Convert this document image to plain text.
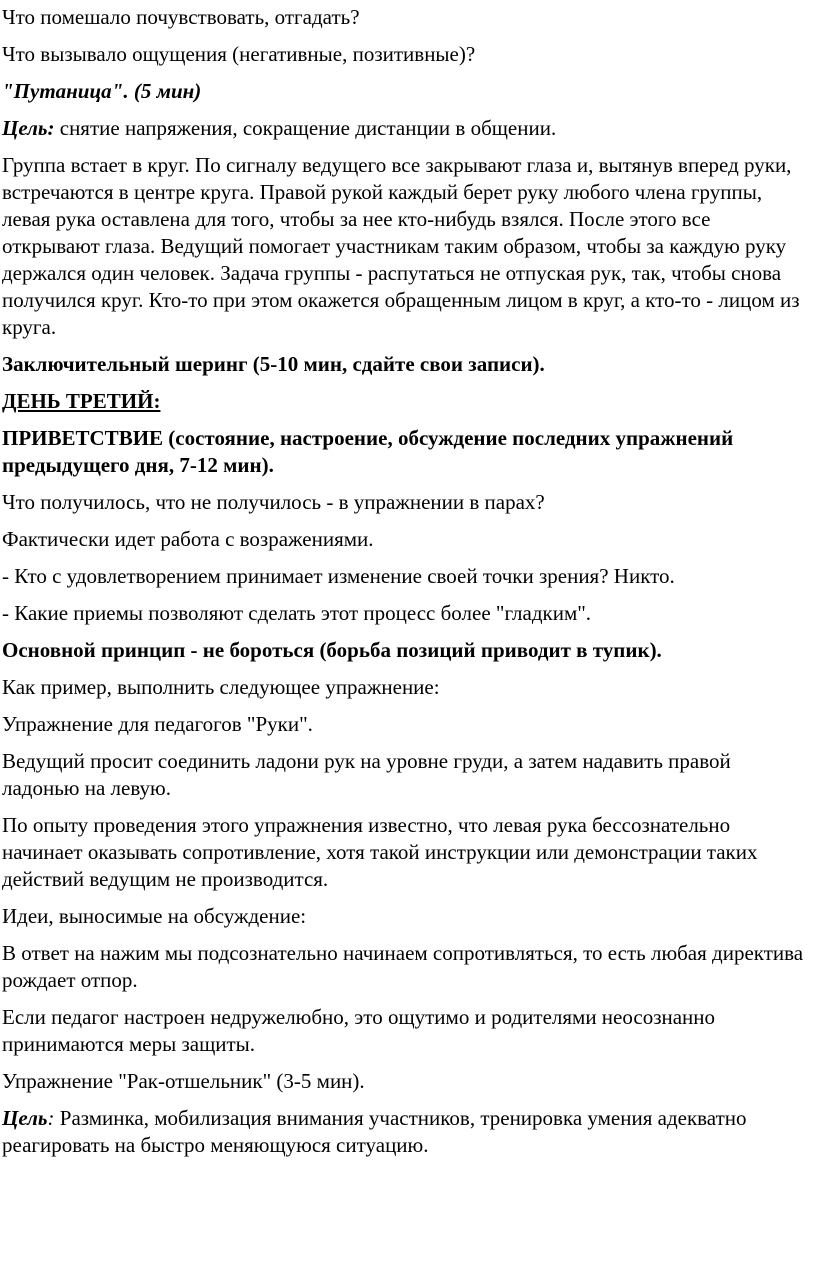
Что помешало почувствовать, отгадать?

Что вызывало ощущения (негативные, позитивные)?

"Путаница". (5 мин)

Цель: снятие напряжения, сокращение дистанции в общении.

Группа встает в круг. По сигналу ведущего все закрывают глаза и, вытянув вперед руки, встречаются в центре круга. Правой рукой каждый берет руку любого члена группы, левая рука оставлена для того, чтобы за нее кто-нибудь взялся. После этого все открывают глаза. Ведущий помогает участникам таким образом, чтобы за каждую руку держался один человек. Задача группы - распутаться не отпуская рук, так, чтобы снова получился круг. Кто-то при этом окажется обращенным лицом в круг, а кто-то - лицом из круга.

Заключительный шеринг (5-10 мин, сдайте свои записи).

ДЕНЬ ТРЕТИЙ:

ПРИВЕТСТВИЕ (состояние, настроение, обсуждение последних упражнений предыдущего дня, 7-12 мин).

Что получилось, что не получилось - в упражнении в парах?

Фактически идет работа с возражениями.

- Кто с удовлетворением принимает изменение своей точки зрения? Никто.

- Какие приемы позволяют сделать этот процесс более "гладким".

Основной принцип - не бороться (борьба позиций приводит в тупик).

Как пример, выполнить следующее упражнение:

Упражнение для педагогов "Руки".

Ведущий просит соединить ладони рук на уровне груди, а затем надавить правой ладонью на левую.

По опыту проведения этого упражнения известно, что левая рука бессознательно начинает оказывать сопротивление, хотя такой инструкции или демонстрации таких действий ведущим не производится.

Идеи, выносимые на обсуждение:

В ответ на нажим мы подсознательно начинаем сопротивляться, то есть любая директива рождает отпор.

Если педагог настроен недружелюбно, это ощутимо и родителями неосознанно принимаются меры защиты.

Упражнение "Рак-отшельник" (3-5 мин).

Цель: Разминка, мобилизация внимания участников, тренировка умения адекватно реагировать на быстро меняющуюся ситуацию.
